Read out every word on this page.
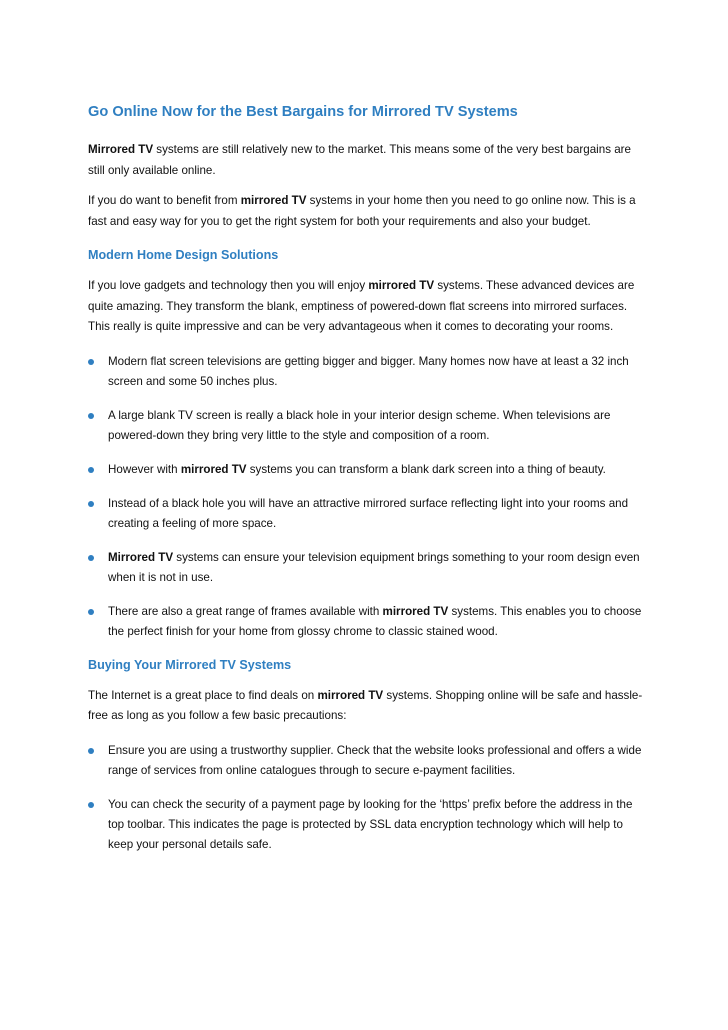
Go Online Now for the Best Bargains for Mirrored TV Systems

Mirrored TV systems are still relatively new to the market. This means some of the very best bargains are still only available online.

If you do want to benefit from mirrored TV systems in your home then you need to go online now. This is a fast and easy way for you to get the right system for both your requirements and also your budget.

Modern Home Design Solutions

If you love gadgets and technology then you will enjoy mirrored TV systems. These advanced devices are quite amazing. They transform the blank, emptiness of powered-down flat screens into mirrored surfaces. This really is quite impressive and can be very advantageous when it comes to decorating your rooms.

Modern flat screen televisions are getting bigger and bigger. Many homes now have at least a 32 inch screen and some 50 inches plus.
A large blank TV screen is really a black hole in your interior design scheme. When televisions are powered-down they bring very little to the style and composition of a room.
However with mirrored TV systems you can transform a blank dark screen into a thing of beauty.
Instead of a black hole you will have an attractive mirrored surface reflecting light into your rooms and creating a feeling of more space.
Mirrored TV systems can ensure your television equipment brings something to your room design even when it is not in use.
There are also a great range of frames available with mirrored TV systems. This enables you to choose the perfect finish for your home from glossy chrome to classic stained wood.
Buying Your Mirrored TV Systems

The Internet is a great place to find deals on mirrored TV systems. Shopping online will be safe and hassle-free as long as you follow a few basic precautions:

Ensure you are using a trustworthy supplier. Check that the website looks professional and offers a wide range of services from online catalogues through to secure e-payment facilities.
You can check the security of a payment page by looking for the ‘https’ prefix before the address in the top toolbar. This indicates the page is protected by SSL data encryption technology which will help to keep your personal details safe.
